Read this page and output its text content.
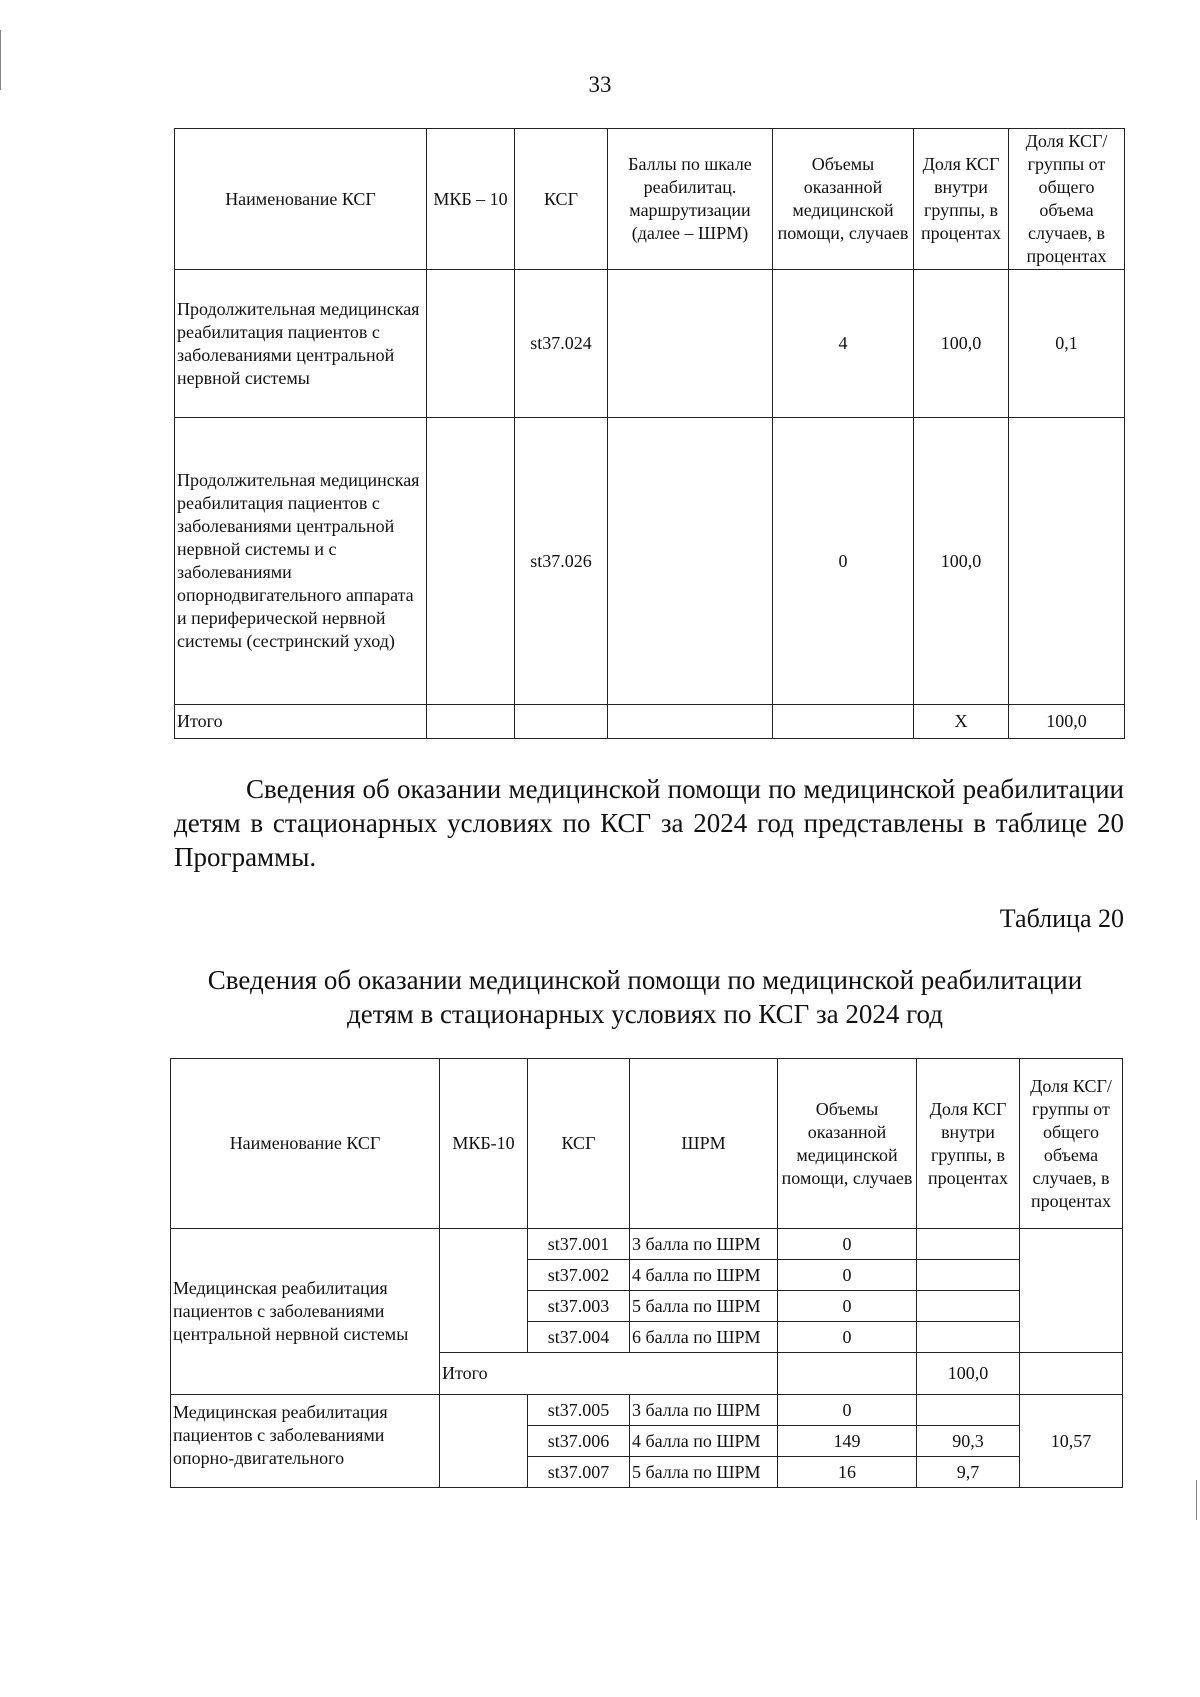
33
Наименование КСГ	МКБ – 10	КСГ	Баллы по шкале реабилитац. маршрутизации (далее – ШРМ)	Объемы оказанной медицинской помощи, случаев	Доля КСГ внутри группы, в процентах	Доля КСГ/группы от общего объема случаев, в процентах
Продолжительная медицинская реабилитация пациентов с заболеваниями центральной нервной системы		st37.024		4	100,0	0,1
Продолжительная медицинская реабилитация пациентов с заболеваниями центральной нервной системы и с заболеваниями опорнодвигательного аппарата и периферической нервной системы (сестринский уход)		st37.026		0	100,0	
Итого					Х	100,0

Сведения об оказании медицинской помощи по медицинской реабилитации детям в стационарных условиях по КСГ за 2024 год представлены в таблице 20 Программы.

Таблица 20
Сведения об оказании медицинской помощи по медицинской реабилитации
детям в стационарных условиях по КСГ за 2024 год
Наименование КСГ	МКБ-10	КСГ	ШРМ	Объемы оказанной медицинской помощи, случаев	Доля КСГ внутри группы, в процентах	Доля КСГ/группы от общего объема случаев, в процентах
Медицинская реабилитация пациентов с заболеваниями центральной нервной системы		st37.001	3 балла по ШРМ	0		
		st37.002	4 балла по ШРМ	0		
		st37.003	5 балла по ШРМ	0		
		st37.004	6 балла по ШРМ	0		
	Итого				100,0	
Медицинская реабилитация пациентов с заболеваниями опорно-двигательного		st37.005	3 балла по ШРМ	0		10,57
		st37.006	4 балла по ШРМ	149	90,3	
		st37.007	5 балла по ШРМ	16	9,7	
